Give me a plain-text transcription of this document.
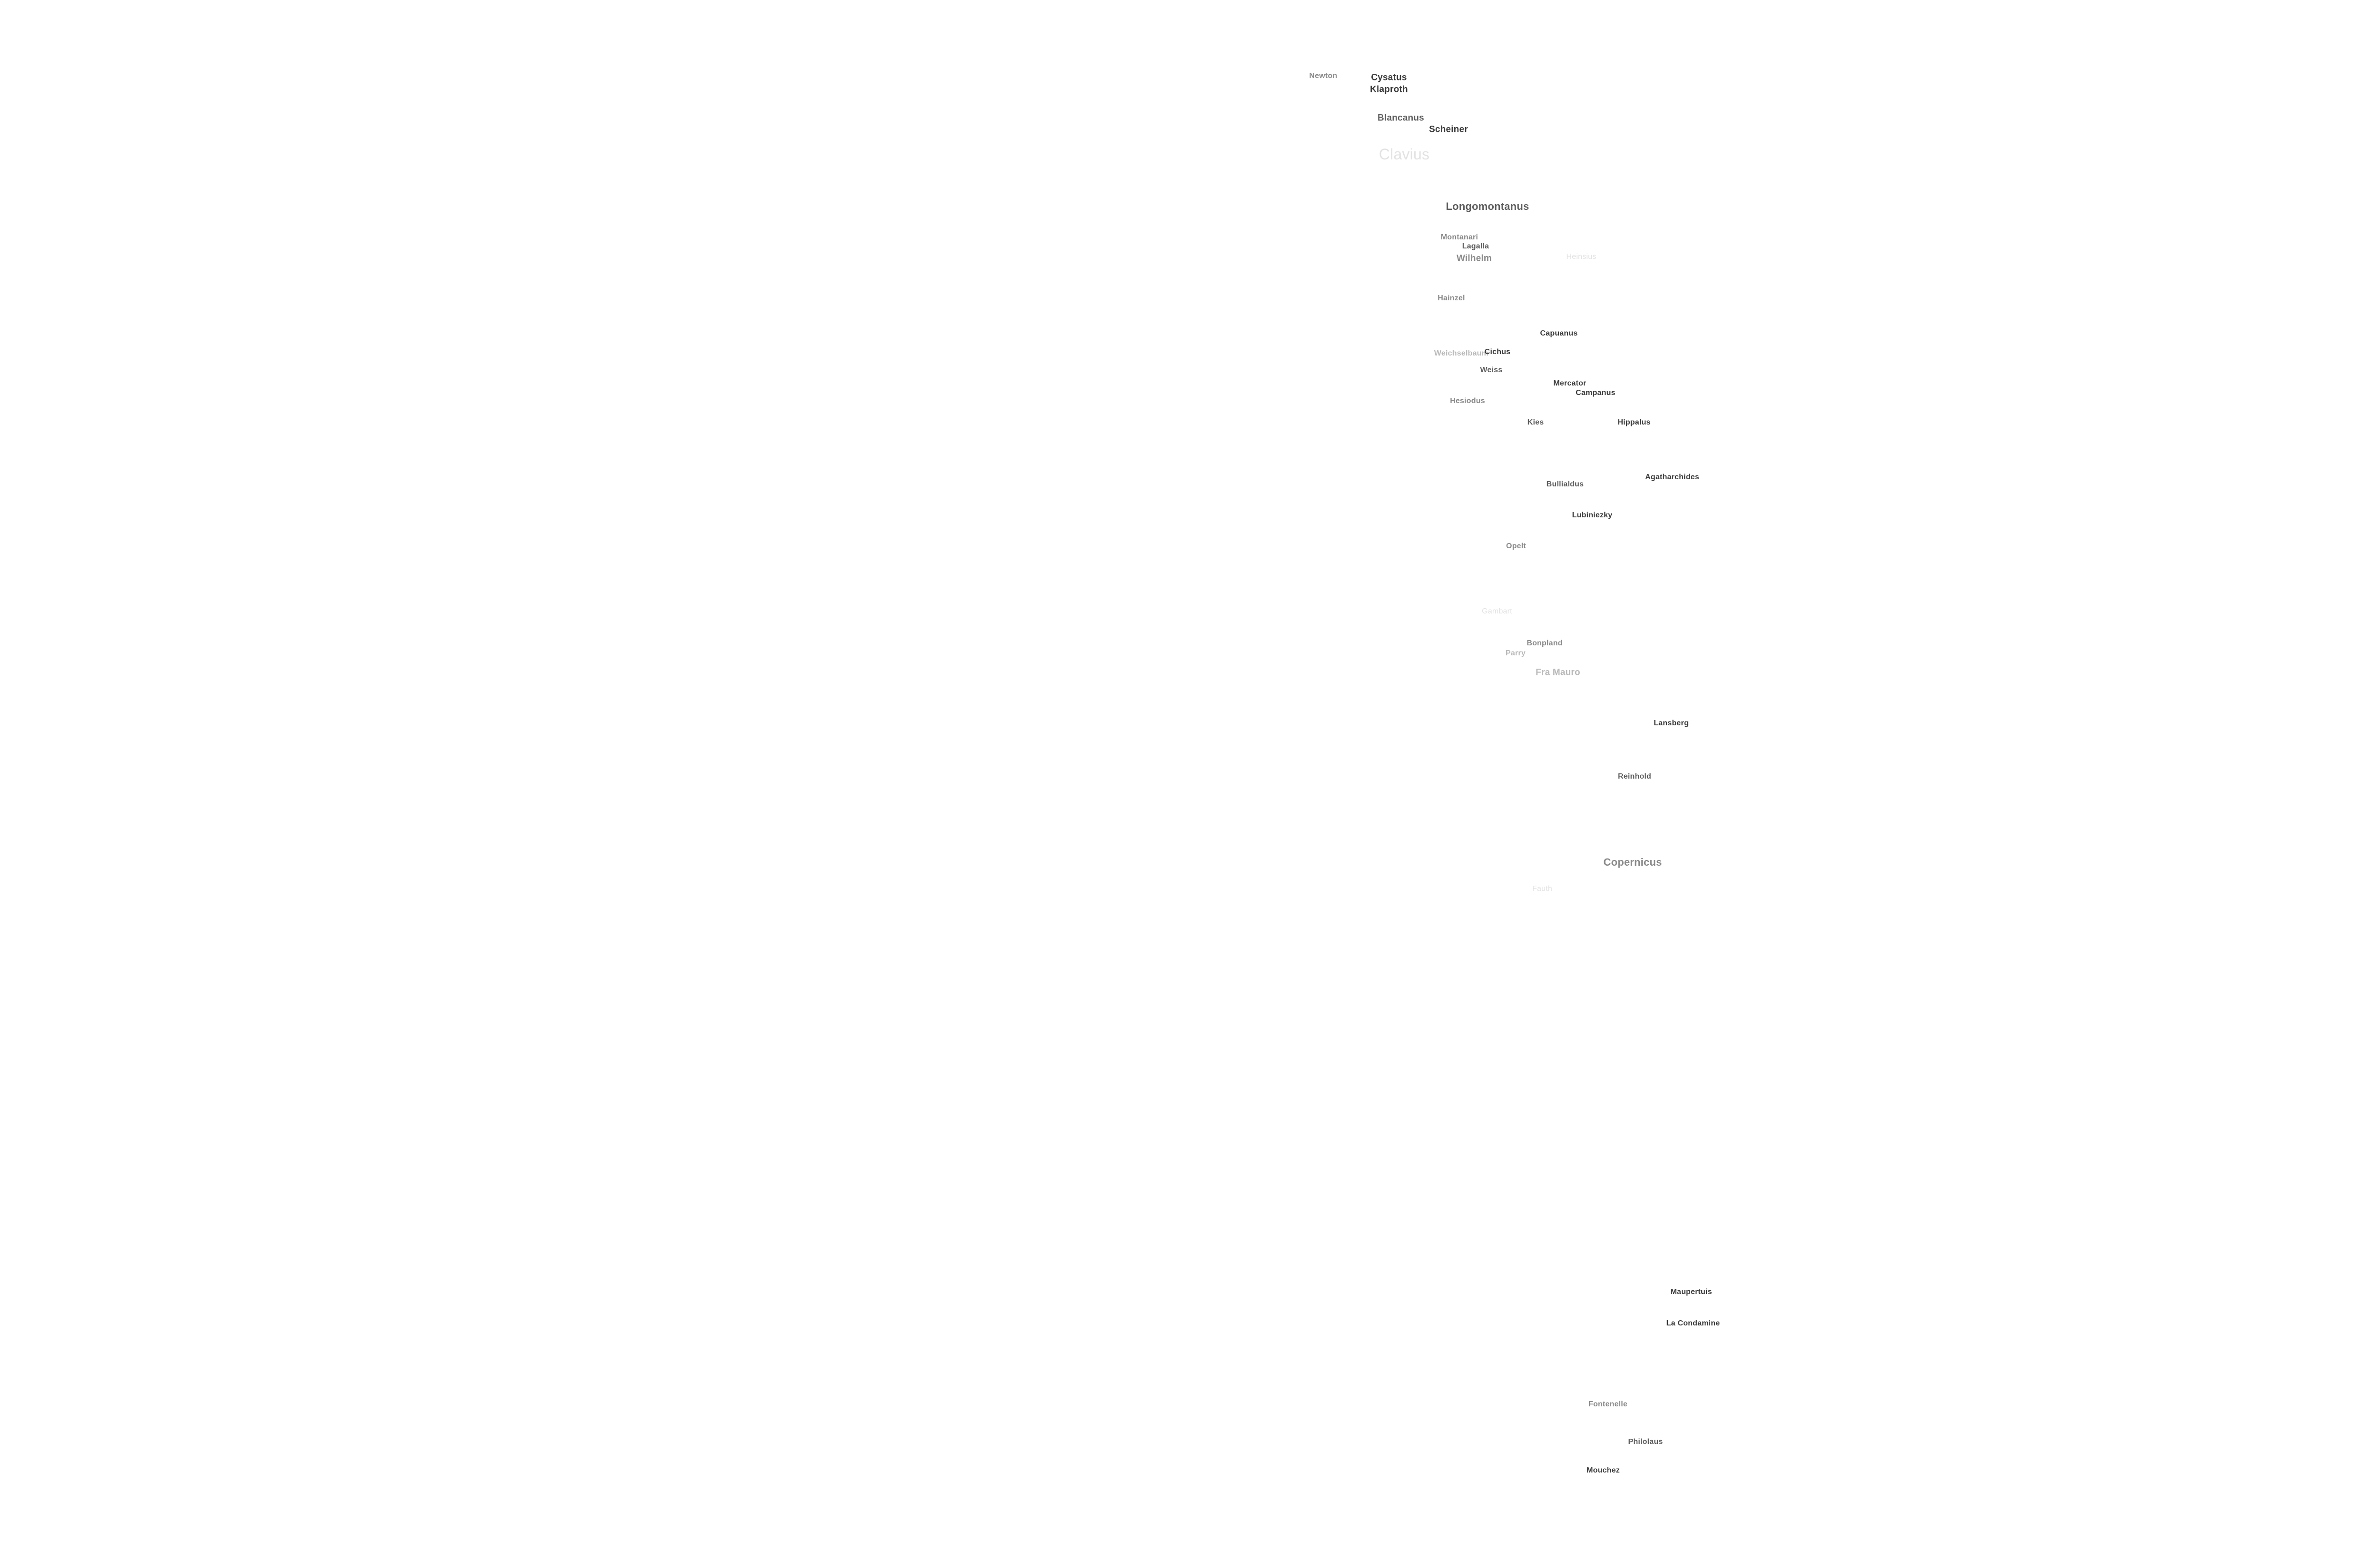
Newton	Cysatus
Klaproth
Blancanus
Scheiner
Clavius
Longomontanus
Montanari
Lagalla
Wilhelm	Heinsius
Hainzel
Capuanus
Weichselbaum
Cichus
Weiss
Mercator
Campanus
Hesiodus
Kies	Hippalus
Agatharchides
Bullialdus
Lubiniezky
Opelt
Gambart
Bonpland
Parry
Fra Mauro
Lansberg
Reinhold
Copernicus
Fauth
Maupertuis
La Condamine
Fontenelle
Philolaus
Mouchez
